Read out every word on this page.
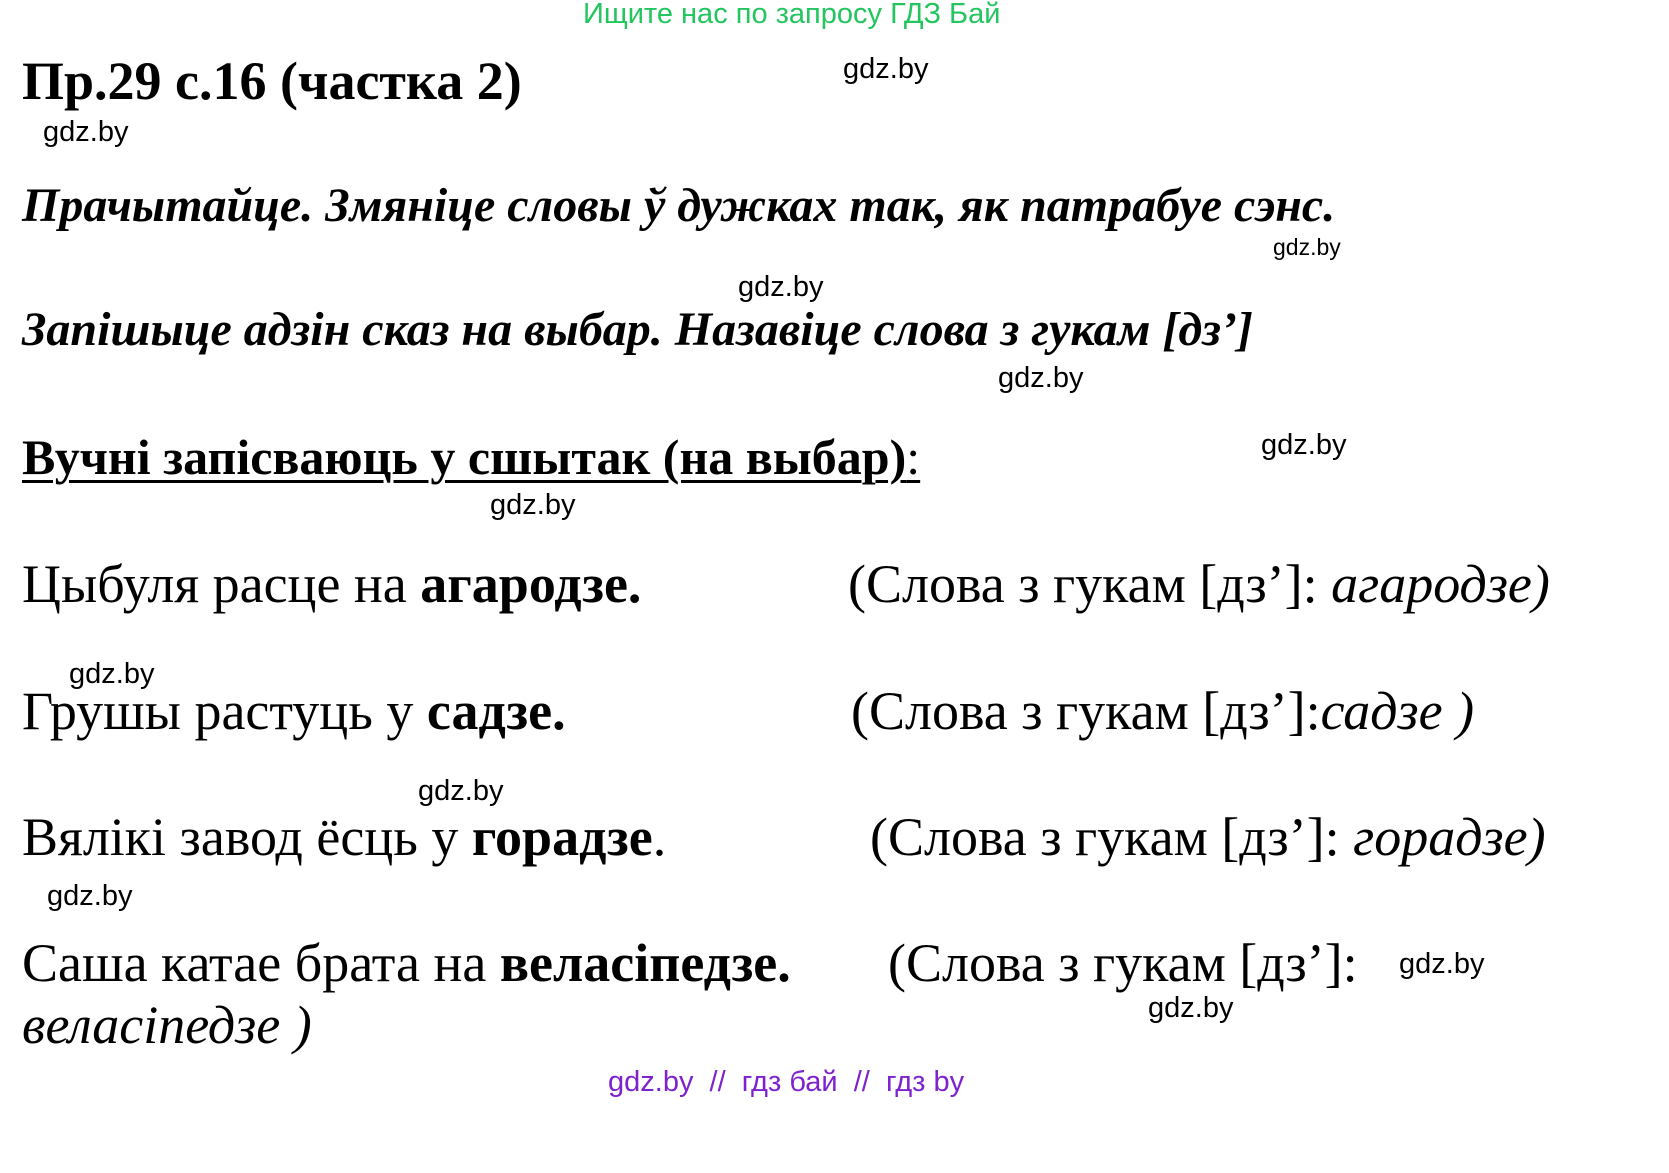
Ищите нас по запросу ГДЗ Бай
Пр.29 с.16 (частка 2)
Прачытайце. Змяніце словы ў дужках так, як патрабуе сэнс.
Запішыце адзін сказ на выбар. Назавіце слова з гукам [дз’]
Вучні запісваюць у сшытак (на выбар):
Цыбуля расце на агародзе.	(Слова з гукам [дз’]: агародзе)
Грушы растуць у садзе.	(Слова з гукам [дз’]:садзе )
Вялікі завод ёсць у горадзе.	(Слова з гукам [дз’]: горадзе)
Саша катае брата на веласіпедзе. (Слова з гукам [дз’]:
веласіпедзе )
gdz.by
gdz.by
gdz.by
gdz.by
gdz.by
gdz.by
gdz.by
gdz.by
gdz.by
gdz.by
gdz.by
gdz.by
gdz.by  //  гдз бай  //  гдз by
